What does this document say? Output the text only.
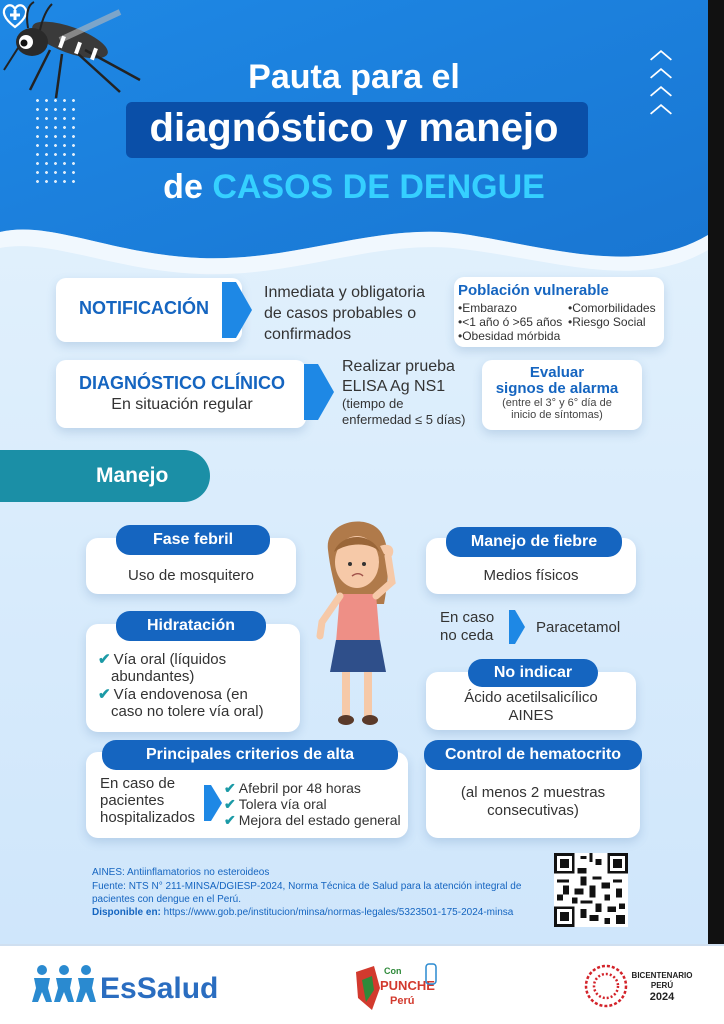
︿
︿
︿
︿
Pauta para el
diagnóstico y manejo
de CASOS DE DENGUE
NOTIFICACIÓN
Inmediata y obligatoria
de casos probables o
confirmados
Población vulnerable
•Embarazo
•<1 año ó >65 años
•Obesidad mórbida
•Comorbilidades
•Riesgo Social
DIAGNÓSTICO CLÍNICO
En situación regular
Realizar prueba
ELISA Ag NS1
(tiempo de
enfermedad ≤ 5 días)
Evaluar
signos de alarma
(entre el 3° y 6° día de
inicio de síntomas)
Manejo
Fase febril
Uso de mosquitero
Manejo de fiebre
Medios físicos
En caso
no ceda	Paracetamol
Hidratación
✔ Vía oral (líquidos
abundantes)
✔ Vía endovenosa (en
caso no tolere vía oral)
No indicar
Ácido acetilsalicílico
AINES
Principales criterios de alta
En caso de
pacientes
hospitalizados
✔ Afebril por 48 horas
✔ Tolera vía oral
✔ Mejora del estado general
Control de hematocrito
(al menos 2 muestras
consecutivas)
AINES: Antiinflamatorios no esteroideos
Fuente: NTS N° 211-MINSA/DGIESP-2024, Norma Técnica de Salud para la atención integral de
pacientes con dengue en el Perú.
Disponible en: https://www.gob.pe/institucion/minsa/normas-legales/5323501-175-2024-minsa
EsSalud
Con
PUNCHE
Perú
BICENTENARIO
PERÚ
2024
